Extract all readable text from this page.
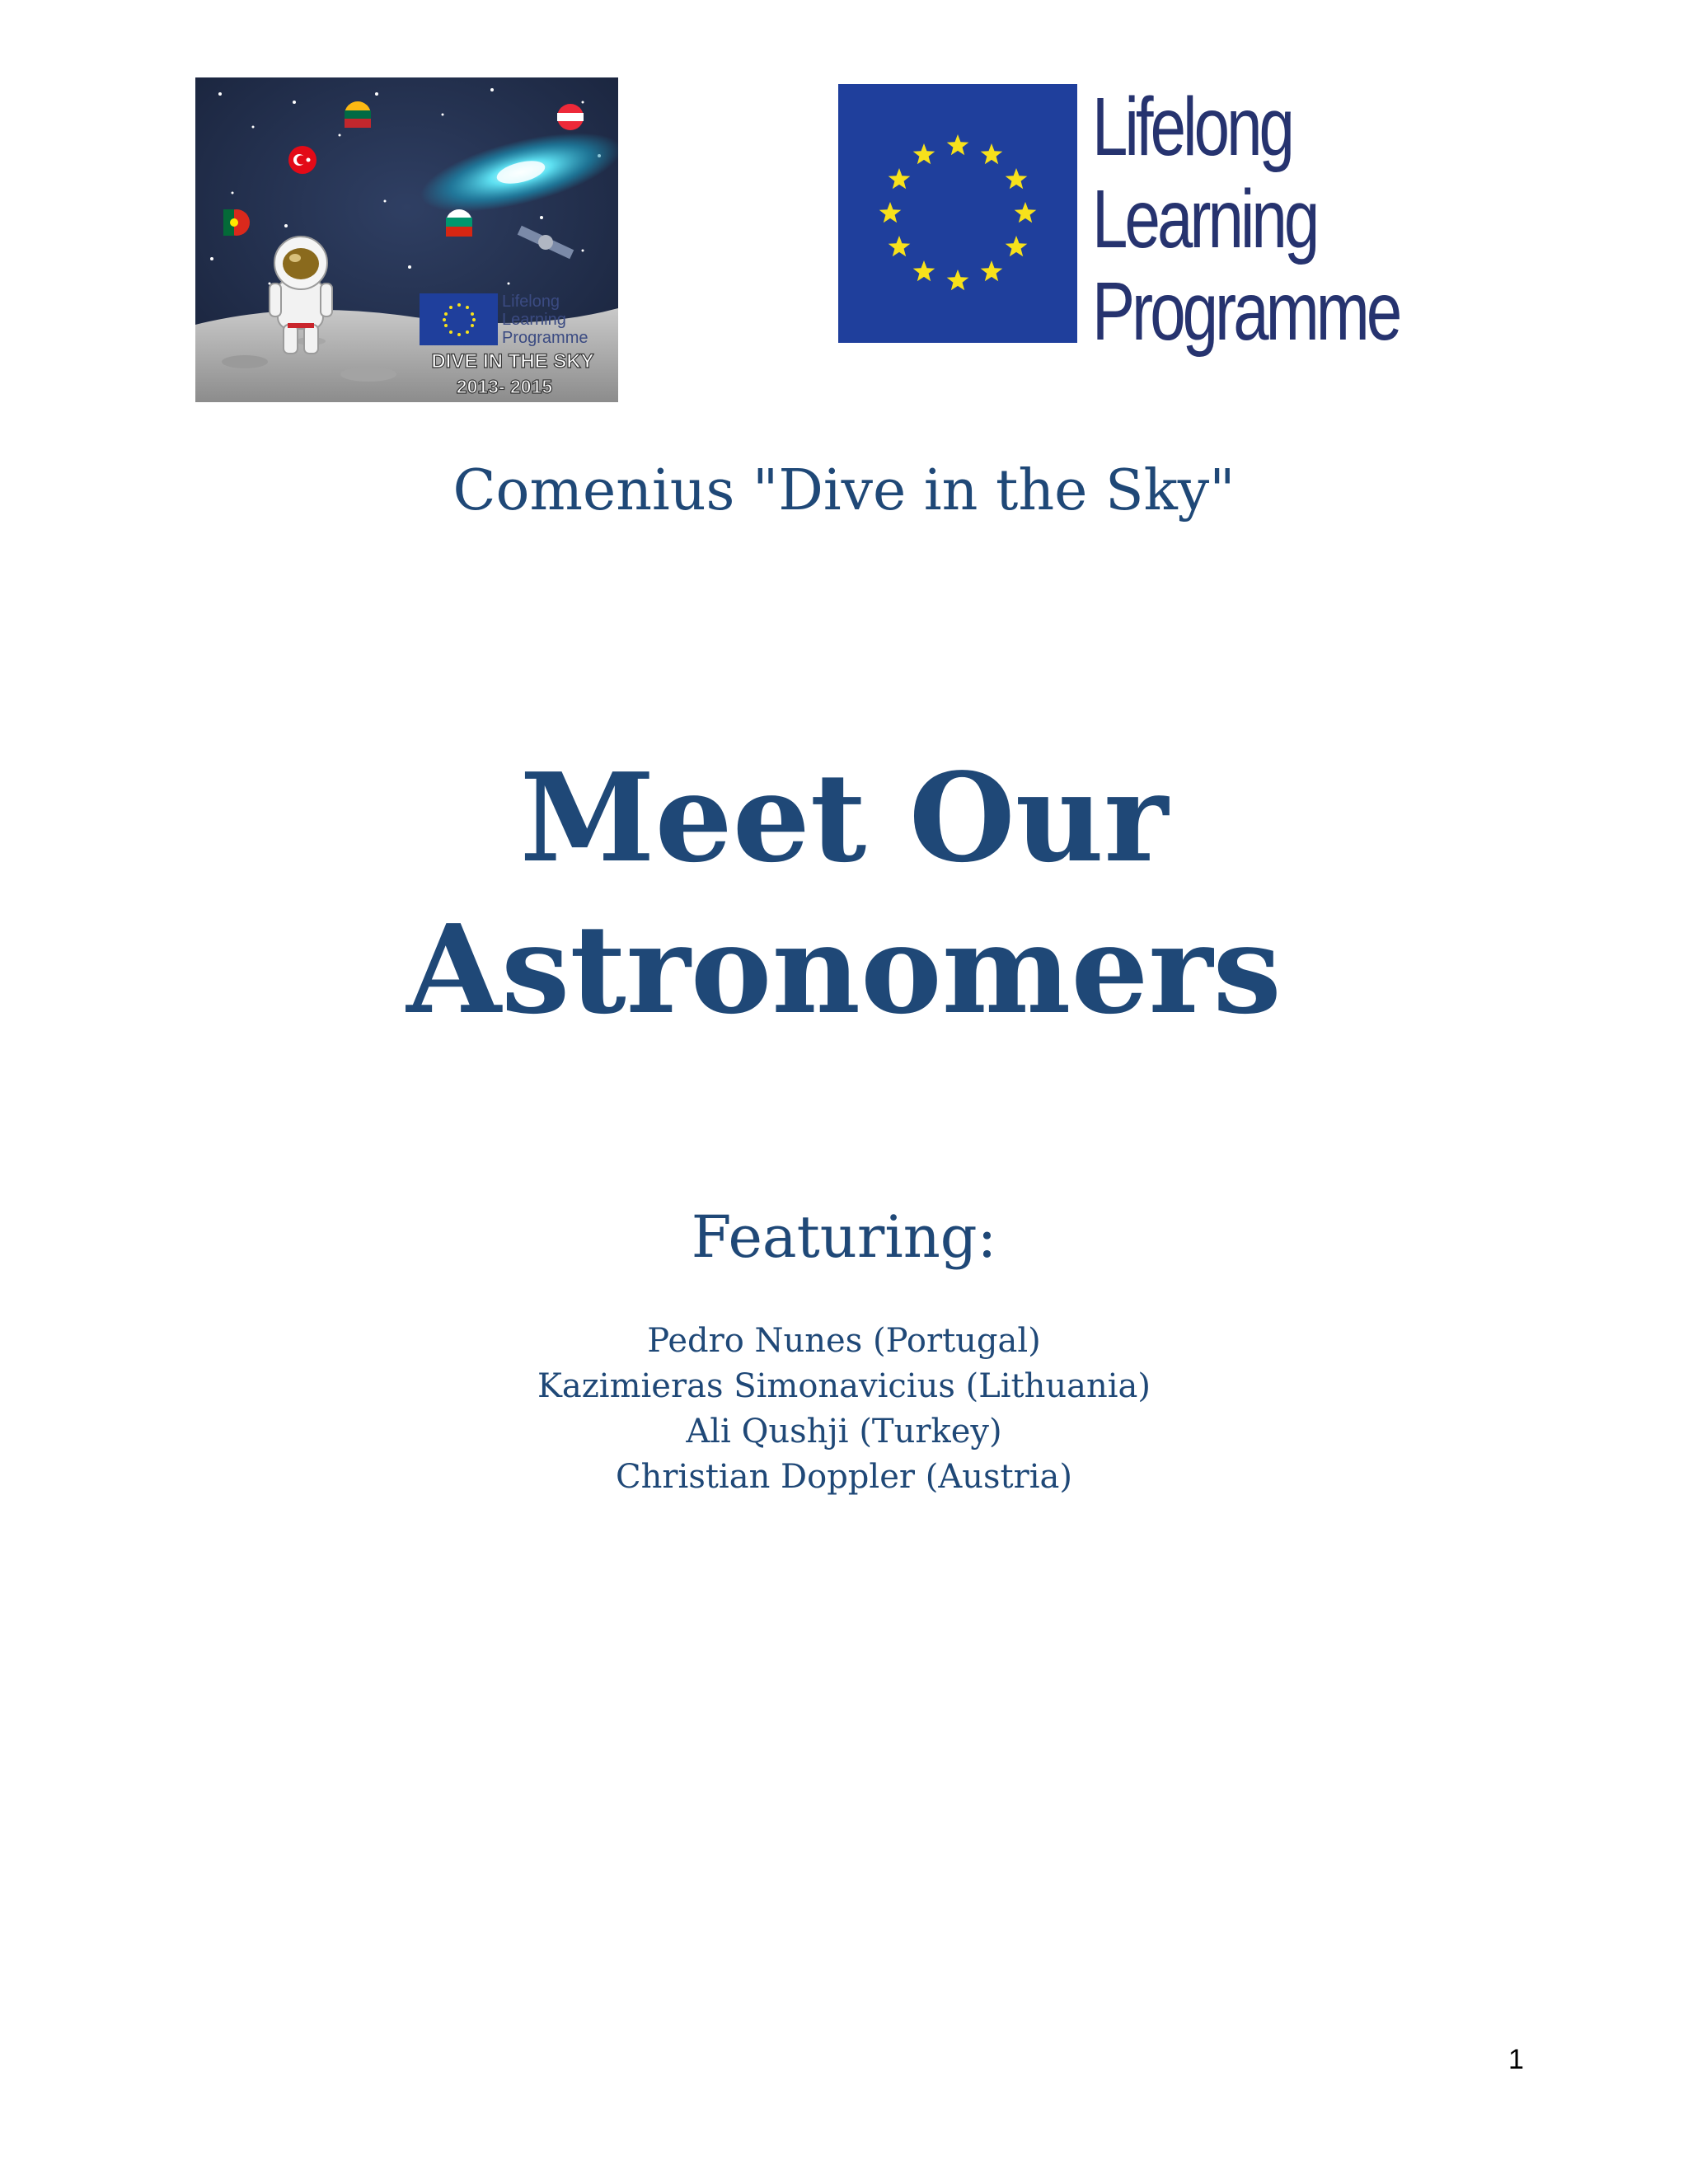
Lifelong
Learning
Programme
DIVE IN THE SKY
2013- 2015
Lifelong
Learning
Programme
Comenius "Dive in the Sky"
Meet Our
Astronomers
Featuring:
Pedro Nunes (Portugal)
Kazimieras Simonavicius (Lithuania)
Ali Qushji (Turkey)
Christian Doppler (Austria)
1
